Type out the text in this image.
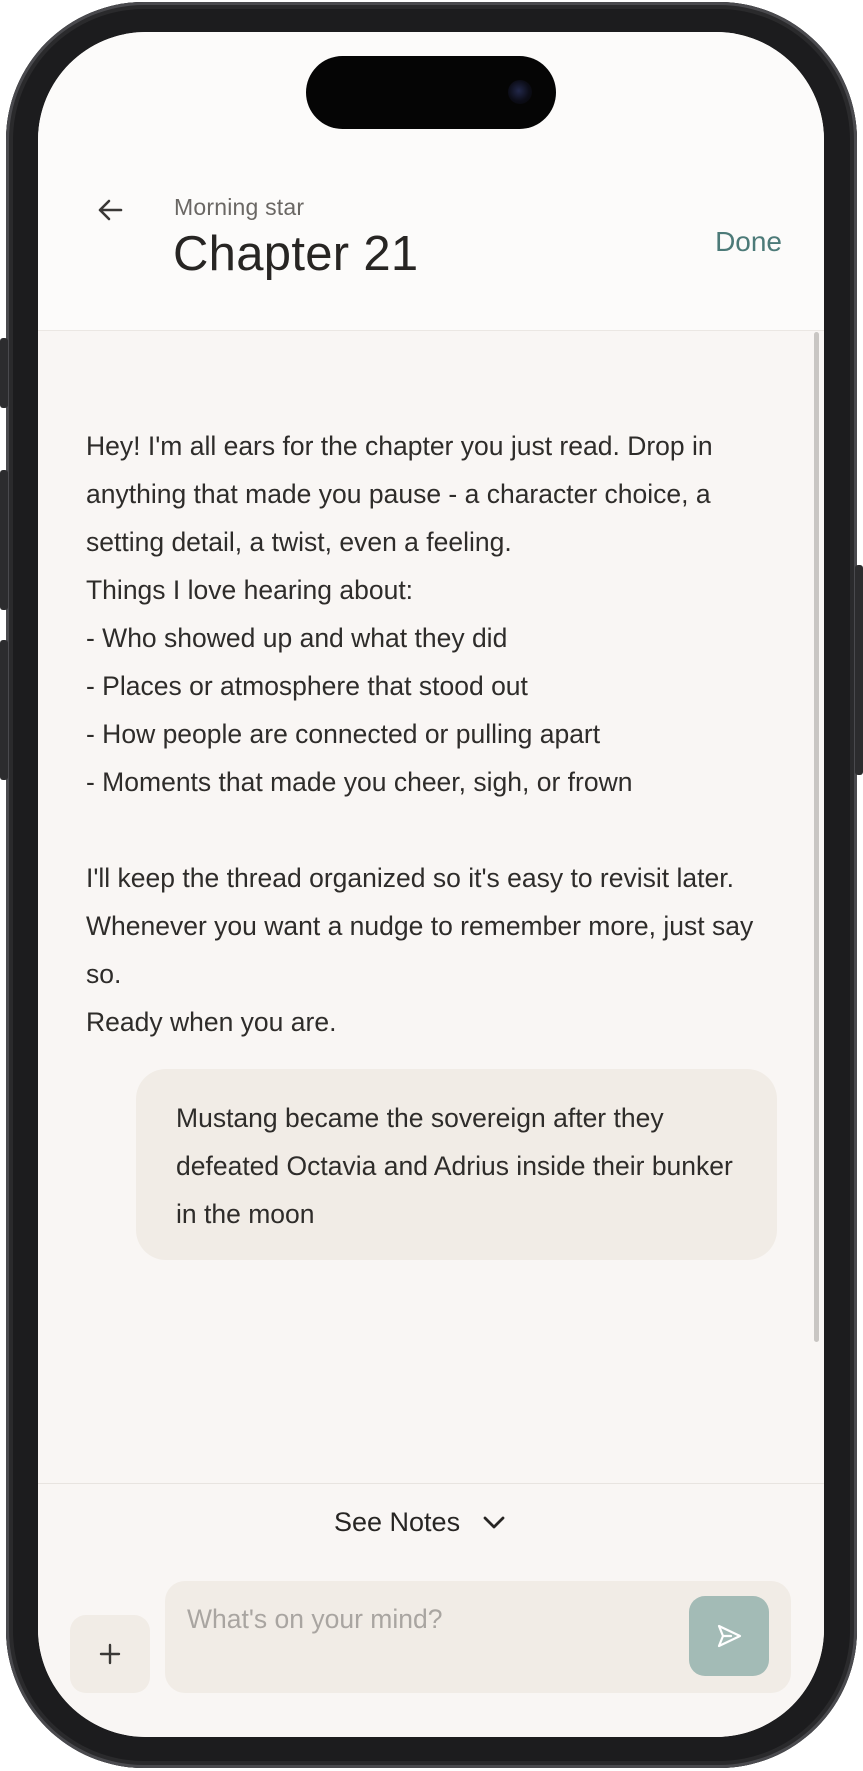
Morning star
Chapter 21	Done
Hey! I'm all ears for the chapter you just read. Drop in anything that made you pause - a character choice, a setting detail, a twist, even a feeling.
Things I love hearing about:
- Who showed up and what they did
- Places or atmosphere that stood out
- How people are connected or pulling apart
- Moments that made you cheer, sigh, or frown

I'll keep the thread organized so it's easy to revisit later. Whenever you want a nudge to remember more, just say so.
Ready when you are.
Mustang became the sovereign after they defeated Octavia and Adrius inside their bunker in the moon
See Notes
What's on your mind?
